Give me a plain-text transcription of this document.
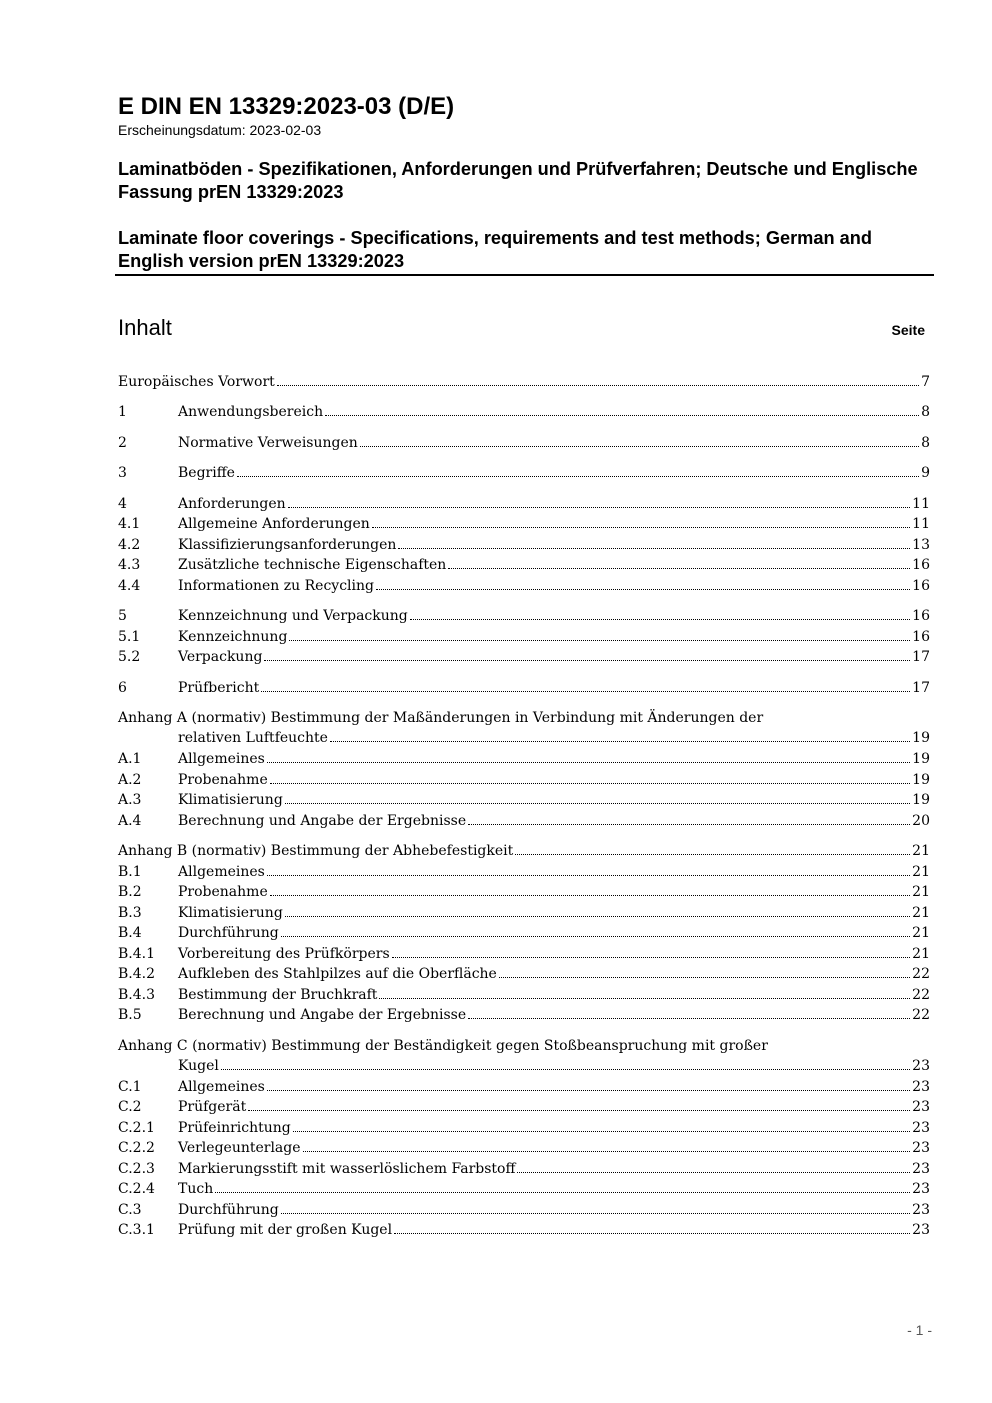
E DIN EN 13329:2023-03 (D/E)

Erscheinungsdatum: 2023-02-03

Laminatböden - Spezifikationen, Anforderungen und Prüfverfahren; Deutsche und Englische Fassung prEN 13329:2023

Laminate floor coverings - Specifications, requirements and test methods; German and English version prEN 13329:2023

Inhalt	Seite
Europäisches Vorwort	7
1	Anwendungsbereich	8
2	Normative Verweisungen	8
3	Begriffe	9
4	Anforderungen	11
4.1	Allgemeine Anforderungen	11
4.2	Klassifizierungsanforderungen	13
4.3	Zusätzliche technische Eigenschaften	16
4.4	Informationen zu Recycling	16
5	Kennzeichnung und Verpackung	16
5.1	Kennzeichnung	16
5.2	Verpackung	17
6	Prüfbericht	17
Anhang A (normativ) Bestimmung der Maßänderungen in Verbindung mit Änderungen der
relativen Luftfeuchte	19
A.1	Allgemeines	19
A.2	Probenahme	19
A.3	Klimatisierung	19
A.4	Berechnung und Angabe der Ergebnisse	20
Anhang B (normativ) Bestimmung der Abhebefestigkeit	21
B.1	Allgemeines	21
B.2	Probenahme	21
B.3	Klimatisierung	21
B.4	Durchführung	21
B.4.1 Vorbereitung des Prüfkörpers	21
B.4.2 Aufkleben des Stahlpilzes auf die Oberfläche	22
B.4.3 Bestimmung der Bruchkraft	22
B.5	Berechnung und Angabe der Ergebnisse	22
Anhang C (normativ) Bestimmung der Beständigkeit gegen Stoßbeanspruchung mit großer
Kugel	23
C.1	Allgemeines	23
C.2	Prüfgerät	23
C.2.1 Prüfeinrichtung	23
C.2.2 Verlegeunterlage	23
C.2.3 Markierungsstift mit wasserlöslichem Farbstoff	23
C.2.4 Tuch	23
C.3	Durchführung	23
C.3.1 Prüfung mit der großen Kugel	23
- 1 -
